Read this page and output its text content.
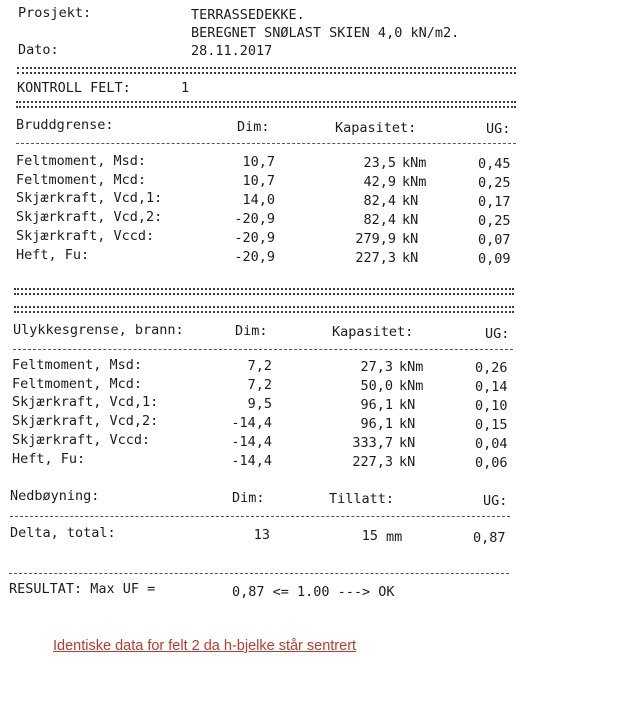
Prosjekt:	TERRASSEDEKKE.
BEREGNET SNØLAST SKIEN 4,0 kN/m2.
Dato:	28.11.2017
KONTROLL FELT:	1
Bruddgrense:	Dim:	Kapasitet:	UG:
Feltmoment, Msd:	10,7	23,5 kNm	0,45
Feltmoment, Mcd:	10,7	42,9 kNm	0,25
Skjærkraft, Vcd,1:	14,0	82,4 kN	0,17
Skjærkraft, Vcd,2:	-20,9	82,4 kN	0,25
Skjærkraft, Vccd:	-20,9	279,9 kN	0,07
Heft, Fu:	-20,9	227,3 kN	0,09
Ulykkesgrense, brann:	Dim:	Kapasitet:	UG:
Feltmoment, Msd:	7,2	27,3 kNm	0,26
Feltmoment, Mcd:	7,2	50,0 kNm	0,14
Skjærkraft, Vcd,1:	9,5	96,1 kN	0,10
Skjærkraft, Vcd,2:	-14,4	96,1 kN	0,15
Skjærkraft, Vccd:	-14,4	333,7 kN	0,04
Heft, Fu:	-14,4	227,3 kN	0,06
Nedbøyning:	Dim:	Tillatt:	UG:
Delta, total:	13	15 mm	0,87
RESULTAT: Max UF =	0,87 <= 1.00 ---> OK
Identiske data for felt 2 da h-bjelke står sentrert
